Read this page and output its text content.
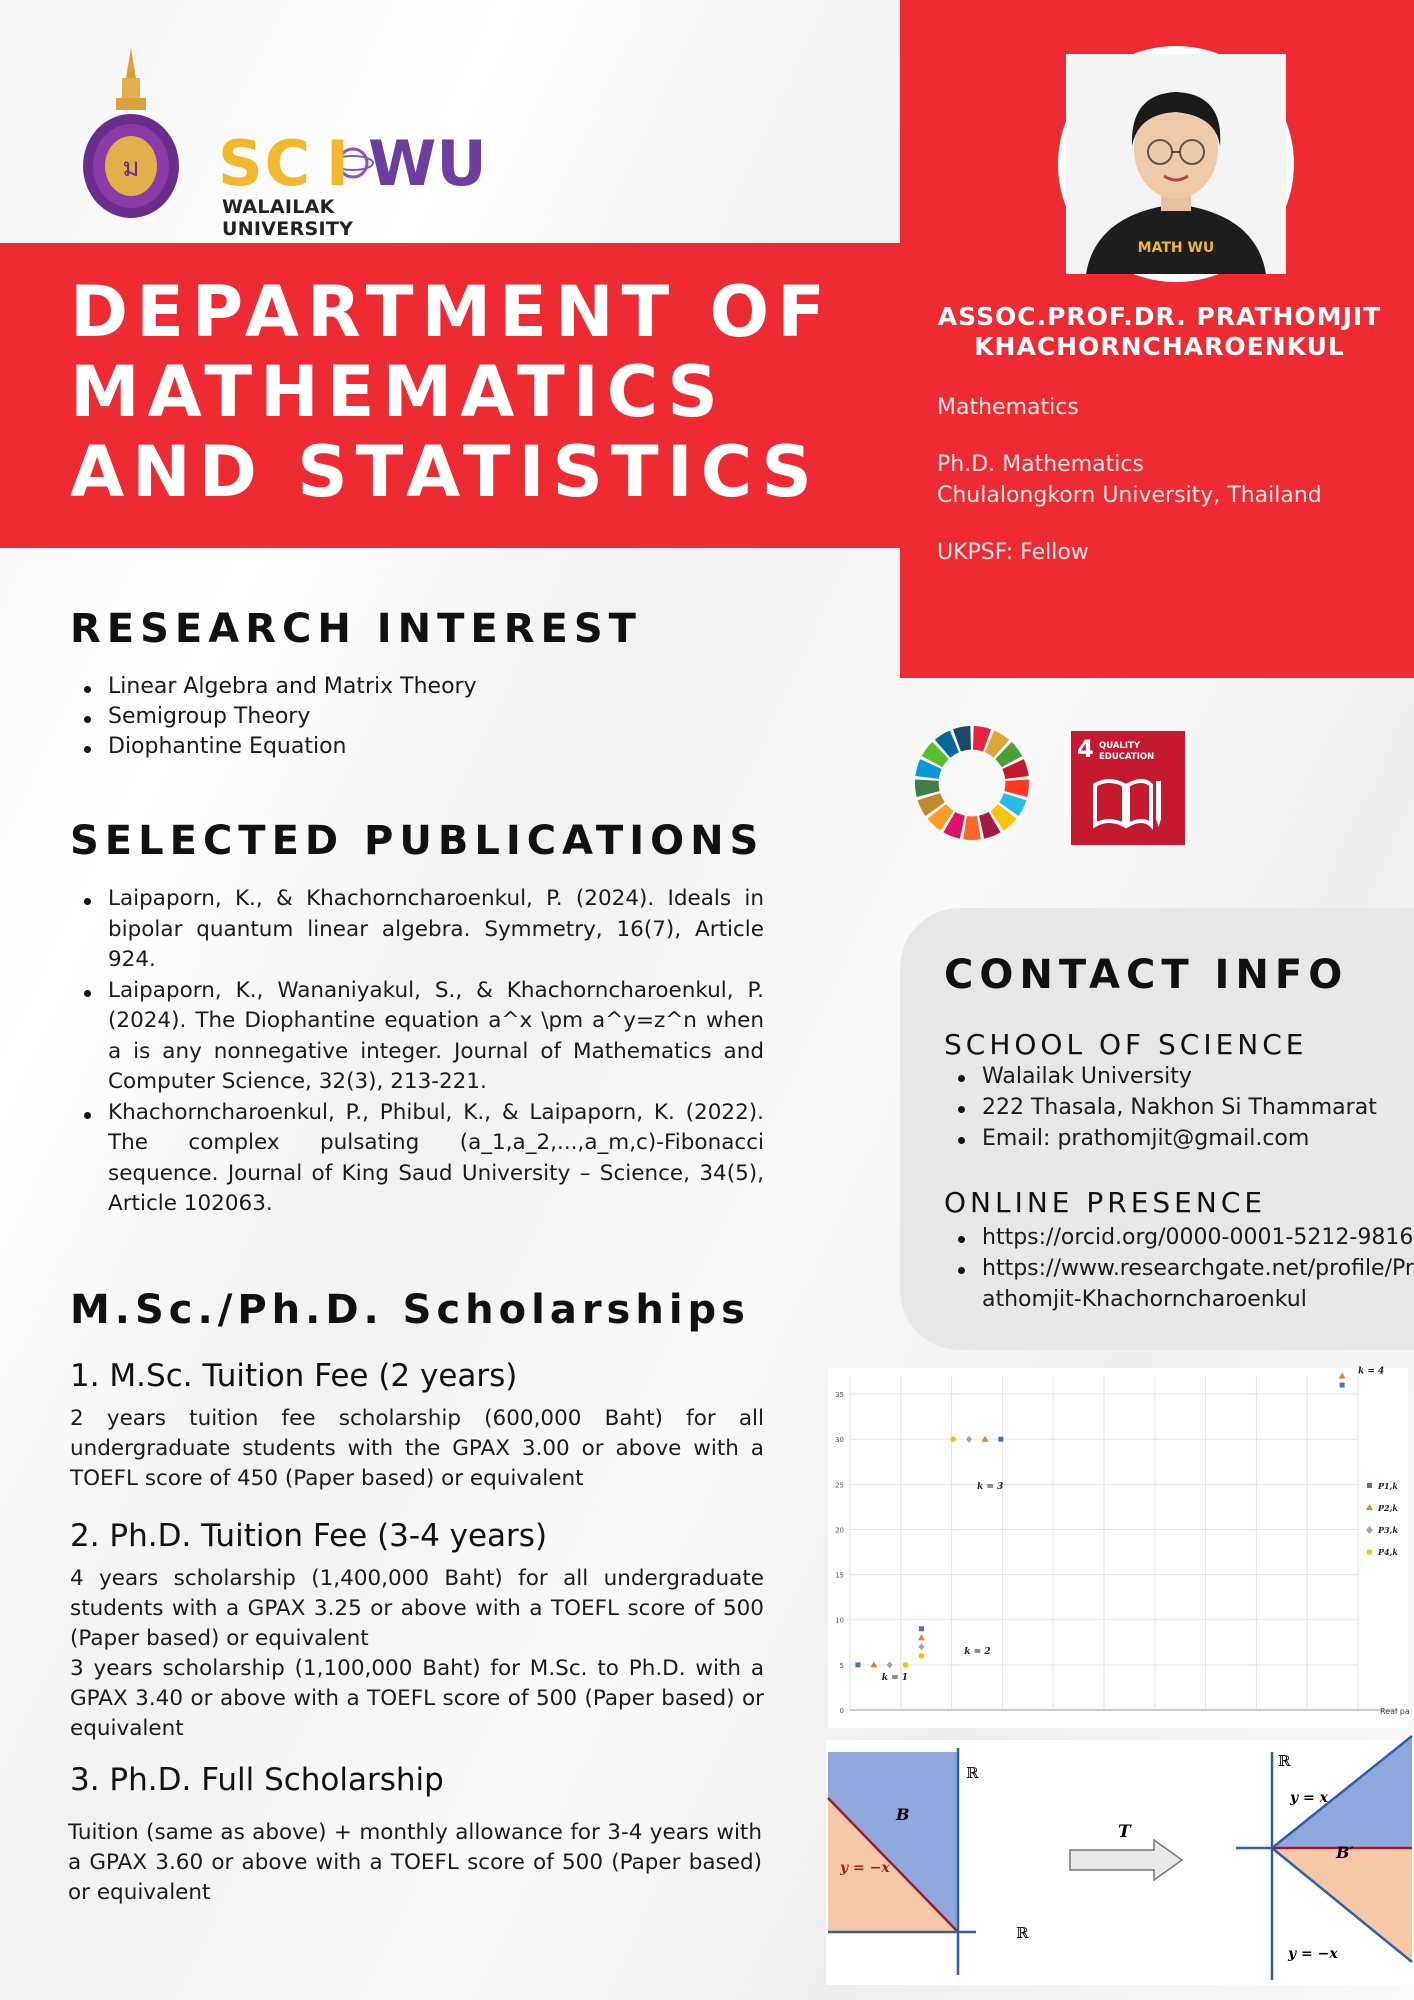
ม SC WU
I
WALAILAK UNIVERSITY
DEPARTMENT OF
MATHEMATICS
AND STATISTICS
MATH WU
ASSOC.PROF.DR. PRATHOMJIT
KHACHORNCHAROENKUL
Mathematics
Ph.D. Mathematics
Chulalongkorn University, Thailand
UKPSF: Fellow
RESEARCH INTEREST
Linear Algebra and Matrix Theory
Semigroup Theory
Diophantine Equation	4 QUALITY
EDUCATION
SELECTED PUBLICATIONS
Laipaporn, K., & Khachorncharoenkul, P. (2024). Ideals in bipolar quantum linear algebra. Symmetry, 16(7), Article 924.
Laipaporn, K., Wananiyakul, S., & Khachorncharoenkul, P. (2024). The Diophantine equation a^x \pm a^y=z^n when a is any nonnegative integer. Journal of Mathematics and Computer Science, 32(3), 213-221.
Khachorncharoenkul, P., Phibul, K., & Laipaporn, K. (2022). The complex pulsating (a_1,a_2,...,a_m,c)-Fibonacci sequence. Journal of King Saud University – Science, 34(5), Article 102063.
CONTACT INFO
SCHOOL OF SCIENCE
Walailak University
222 Thasala, Nakhon Si Thammarat
Email: prathomjit@gmail.com
ONLINE PRESENCE
https://orcid.org/0000-0001-5212-9816
https://www.researchgate.net/profile/Prathomjit-Khachorncharoenkul
M.Sc./Ph.D. Scholarships
1. M.Sc. Tuition Fee (2 years)
2 years tuition fee scholarship (600,000 Baht) for all undergraduate students with the GPAX 3.00 or above with a TOEFL score of 450 (Paper based) or equivalent
2. Ph.D. Tuition Fee (3-4 years)
4 years scholarship (1,400,000 Baht) for all undergraduate students with a GPAX 3.25 or above with a TOEFL score of 500 (Paper based) or equivalent
3 years scholarship (1,100,000 Baht) for M.Sc. to Ph.D. with a GPAX 3.40 or above with a TOEFL score of 500 (Paper based) or equivalent
3. Ph.D. Full Scholarship
Tuition (same as above) + monthly allowance for 3-4 years with a GPAX 3.60 or above with a TOEFL score of 500 (Paper based) or equivalent
0
5
10
15
20
25
30
35
Real pa
k = 1
k = 2
k = 3
k = 4
P1,k
P2,k
P3,k
P4,k
ℝ
ℝ
B
y = −x
T
ℝ
B′
y = x
y = −x
